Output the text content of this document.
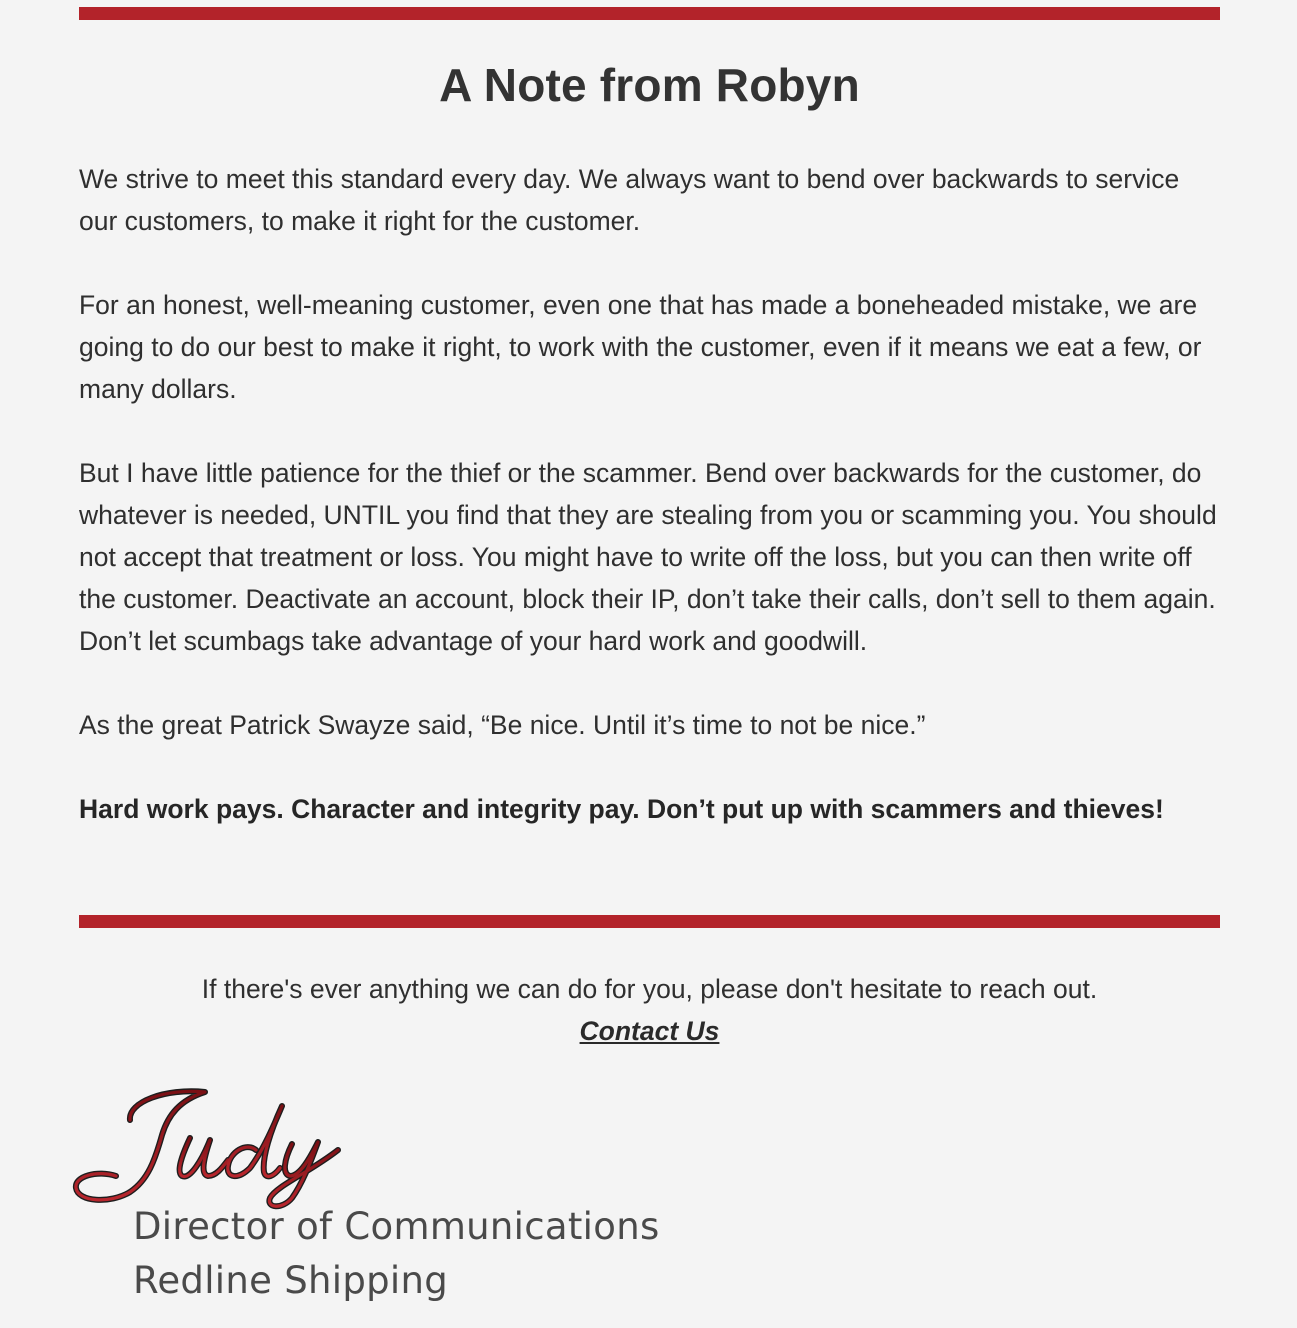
A Note from Robyn

We strive to meet this standard every day. We always want to bend over backwards to service our customers, to make it right for the customer.

For an honest, well-meaning customer, even one that has made a boneheaded mistake, we are going to do our best to make it right, to work with the customer, even if it means we eat a few, or many dollars.

But I have little patience for the thief or the scammer. Bend over backwards for the customer, do whatever is needed, UNTIL you find that they are stealing from you or scamming you. You should not accept that treatment or loss. You might have to write off the loss, but you can then write off the customer. Deactivate an account, block their IP, don’t take their calls, don’t sell to them again. Don’t let scumbags take advantage of your hard work and goodwill.

As the great Patrick Swayze said, “Be nice. Until it’s time to not be nice.”

Hard work pays. Character and integrity pay. Don’t put up with scammers and thieves!

If there's ever anything we can do for you, please don't hesitate to reach out.
Contact Us
Director of Communications
Redline Shipping
